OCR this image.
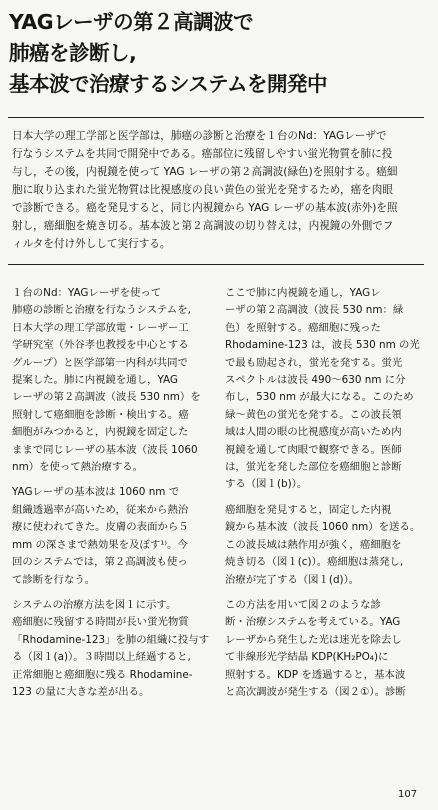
YAGレーザの第２高調波で
肺癌を診断し,
基本波で治療するシステムを開発中
日本大学の理工学部と医学部は，肺癌の診断と治療を１台のNd：YAGレーザで
行なうシステムを共同で開発中である。癌部位に残留しやすい蛍光物質を肺に投
与し，その後，内視鏡を使って YAG レーザの第２高調波(緑色)を照射する。癌細
胞に取り込まれた蛍光物質は比視感度の良い黄色の蛍光を発するため，癌を肉眼
で診断できる。癌を発見すると，同じ内視鏡から YAG レーザの基本波(赤外)を照
射し，癌細胞を焼き切る。基本波と第２高調波の切り替えは，内視鏡の外側でフ
ィルタを付け外しして実行する。
１台のNd：YAGレーザを使って
肺癌の診断と治療を行なうシステムを,
日本大学の理工学部放電・レーザー工
学研究室（外谷孝也教授を中心とする
グループ）と医学部第一内科が共同で
提案した。肺に内視鏡を通し，YAG
レーザの第２高調波（波長 530 nm）を
照射して癌細胞を診断・検出する。癌
細胞がみつかると，内視鏡を固定した
ままで同じレーザの基本波（波長 1060
nm）を使って熱治療する。
YAGレーザの基本波は 1060 nm で
組織透過率が高いため，従来から熱治
療に使われてきた。皮膚の表面から５
mm の深さまで熱効果を及ぼす¹⁾。今
回のシステムでは，第２高調波も使っ
て診断を行なう。
システムの治療方法を図１に示す。
癌細胞に残留する時間が長い蛍光物質
「Rhodamine-123」を肺の組織に投与す
る（図１(a)）。３時間以上経過すると,
正常細胞と癌細胞に残る Rhodamine-
123 の量に大きな差が出る。
ここで肺に内視鏡を通し，YAGレ
ーザの第２高調波（波長 530 nm：緑
色）を照射する。癌細胞に残った
Rhodamine-123 は，波長 530 nm の光
で最も励起され，蛍光を発する。蛍光
スペクトルは波長 490〜630 nm に分
布し，530 nm が最大になる。このため
緑〜黄色の蛍光を発する。この波長領
域は人間の眼の比視感度が高いため内
視鏡を通して肉眼で観察できる。医師
は，蛍光を発した部位を癌細胞と診断
する（図１(b)）。
癌細胞を発見すると，固定した内視
鏡から基本波（波長 1060 nm）を送る。
この波長域は熱作用が強く，癌細胞を
焼き切る（図１(c)）。癌細胞は蒸発し,
治療が完了する（図１(d)）。
この方法を用いて図２のような診
断・治療システムを考えている。YAG
レーザから発生した光は迷光を除去し
て非線形光学結晶 KDP(KH₂PO₄)に
照射する。KDP を透過すると，基本波
と高次調波が発生する（図２①）。診断
107
